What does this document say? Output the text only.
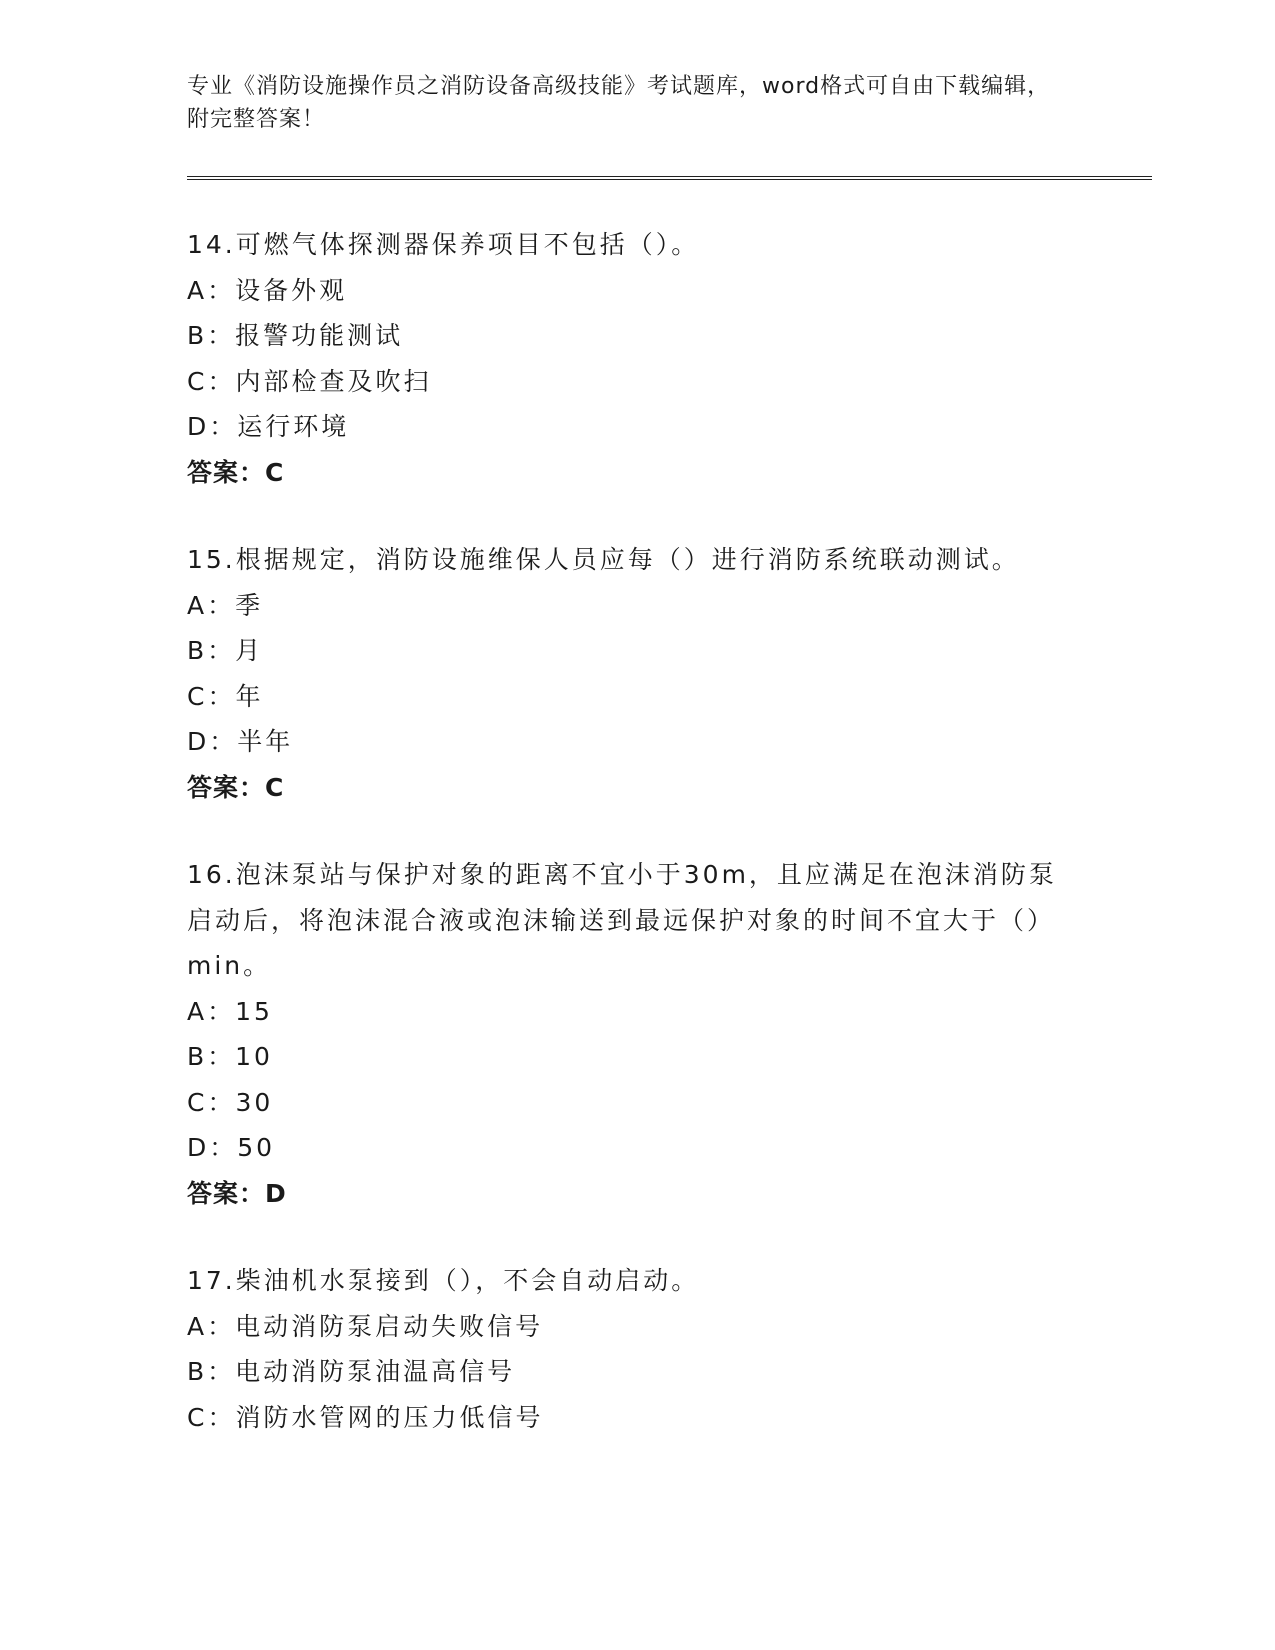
专业《消防设施操作员之消防设备高级技能》考试题库，word格式可自由下载编辑，附完整答案！
14.可燃气体探测器保养项目不包括（）。
A：设备外观
B：报警功能测试
C：内部检查及吹扫
D：运行环境
答案：C
15.根据规定，消防设施维保人员应每（）进行消防系统联动测试。
A：季
B：月
C：年
D：半年
答案：C
16.泡沫泵站与保护对象的距离不宜小于30m，且应满足在泡沫消防泵启动后，将泡沫混合液或泡沫输送到最远保护对象的时间不宜大于（）min。
A：15
B：10
C：30
D：50
答案：D
17.柴油机水泵接到（），不会自动启动。
A：电动消防泵启动失败信号
B：电动消防泵油温高信号
C：消防水管网的压力低信号
